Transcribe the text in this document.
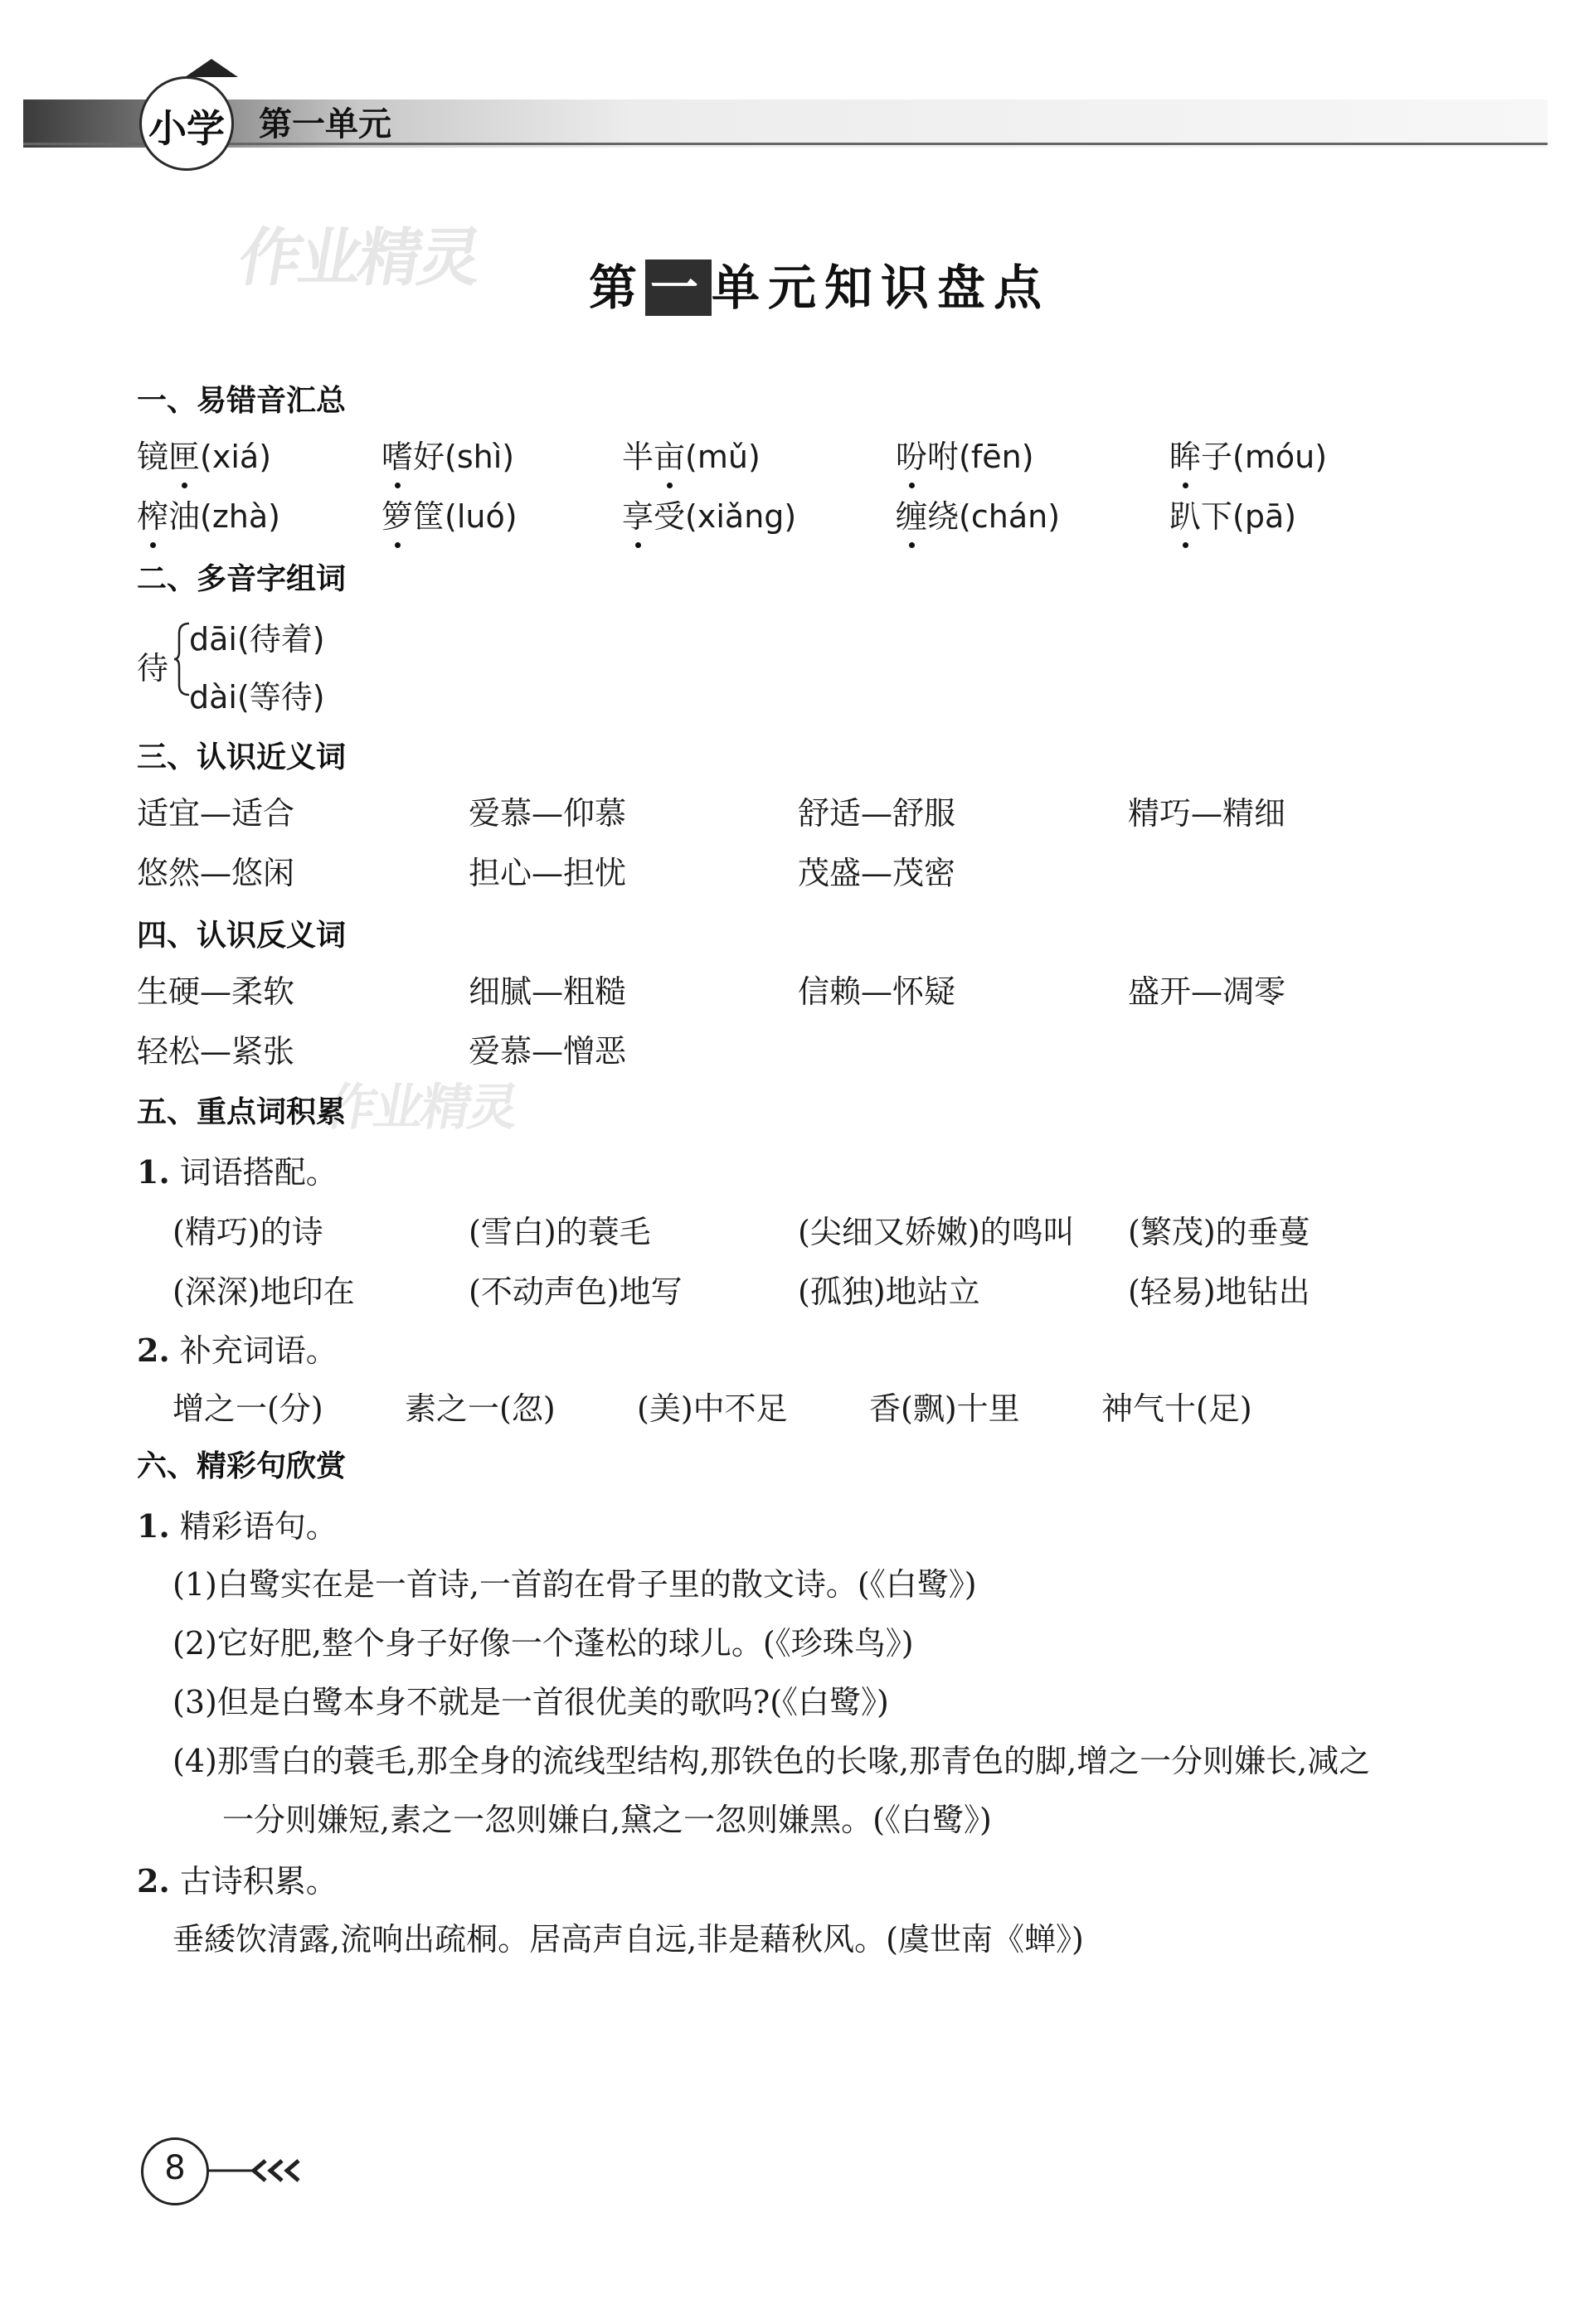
小学 第一单元
作业精灵
作业精灵
第 一 单元知识盘点
一、易错音汇总
镜匣(xiá)	嗜好(shì)	半亩(mǔ)	吩咐(fēn)	眸子(móu)
榨油(zhà)	箩筐(luó)	享受(xiǎng)	缠绕(chán)	趴下(pā)
二、多音字组词
待
dāi(待着)
dài(等待)
三、认识近义词
适宜—适合	爱慕—仰慕	舒适—舒服	精巧—精细
悠然—悠闲	担心—担忧	茂盛—茂密
四、认识反义词
生硬—柔软	细腻—粗糙	信赖—怀疑	盛开—凋零
轻松—紧张	爱慕—憎恶
五、重点词积累
1. 词语搭配。
(精巧)的诗	(雪白)的蓑毛	(尖细又娇嫩)的鸣叫 (繁茂)的垂蔓
(深深)地印在	(不动声色)地写	(孤独)地站立	(轻易)地钻出
2. 补充词语。
增之一(分)	素之一(忽)	(美)中不足	香(飘)十里	神气十(足)
六、精彩句欣赏
1. 精彩语句。
(1)白鹭实在是一首诗,一首韵在骨子里的散文诗。(《白鹭》)
(2)它好肥,整个身子好像一个蓬松的球儿。(《珍珠鸟》)
(3)但是白鹭本身不就是一首很优美的歌吗?(《白鹭》)
(4)那雪白的蓑毛,那全身的流线型结构,那铁色的长喙,那青色的脚,增之一分则嫌长,减之
一分则嫌短,素之一忽则嫌白,黛之一忽则嫌黑。(《白鹭》)
2. 古诗积累。
垂緌饮清露,流响出疏桐。居高声自远,非是藉秋风。(虞世南《蝉》)
8
